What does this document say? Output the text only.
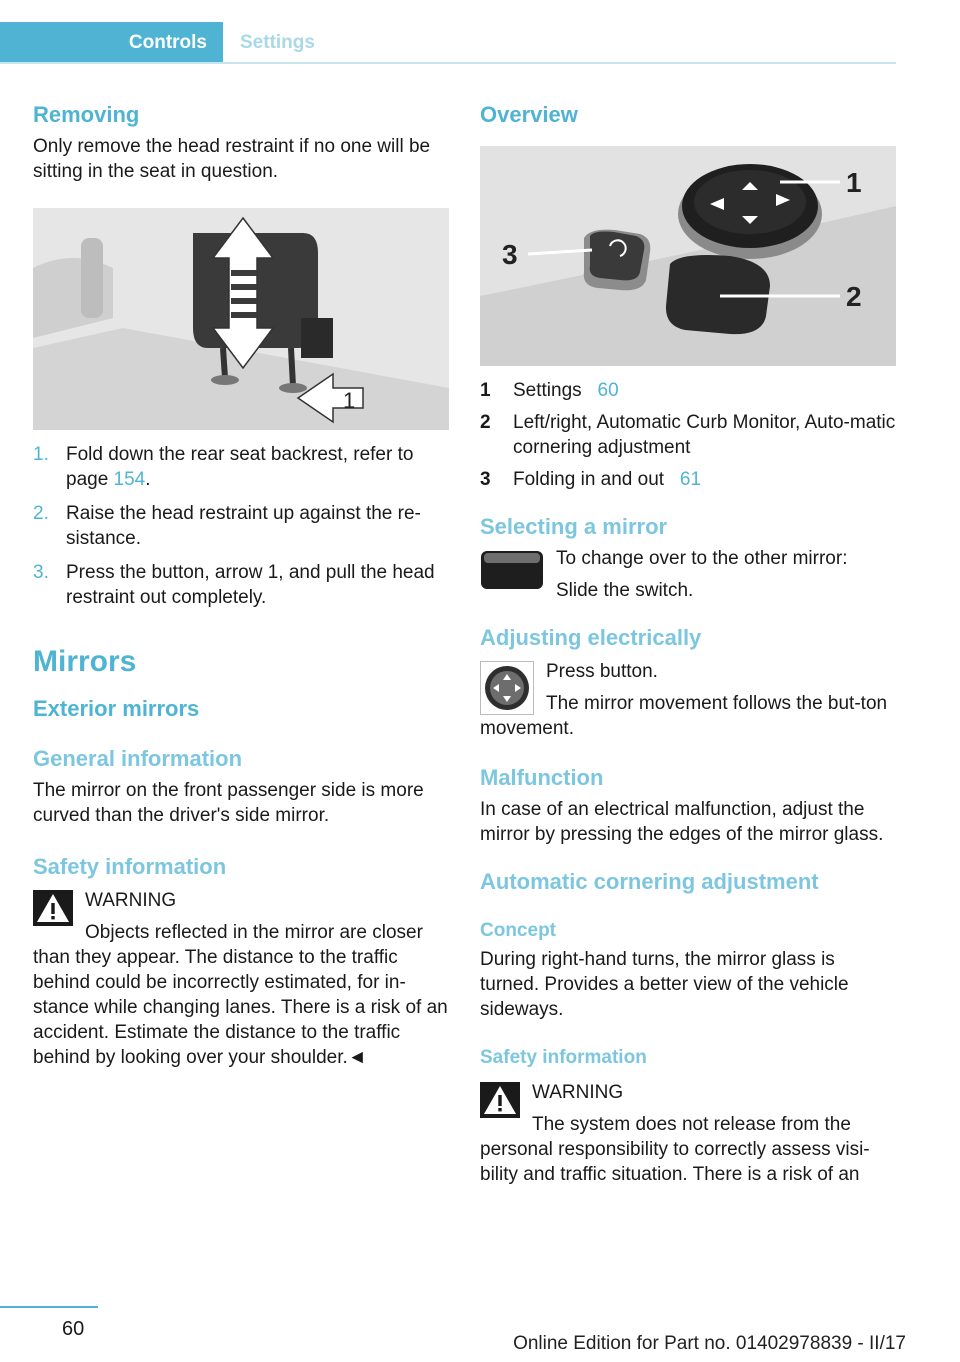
Controls	Settings
Removing

Only remove the head restraint if no one will be sitting in the seat in question.

1
1. Fold down the rear seat backrest, refer to page 154.
2. Raise the head restraint up against the re‐sistance.
3. Press the button, arrow 1, and pull the head restraint out completely.
Mirrors
Exterior mirrors
General information

The mirror on the front passenger side is more curved than the driver's side mirror.

Safety information

WARNING

Objects reflected in the mirror are closer than they appear. The distance to the traffic behind could be incorrectly estimated, for in‐stance while changing lanes. There is a risk of an accident. Estimate the distance to the traffic behind by looking over your shoulder.◄

Overview
1
2
3
1 Settings 60
2 Left/right, Automatic Curb Monitor, Auto‐matic cornering adjustment
3 Folding in and out 61
Selecting a mirror

To change over to the other mirror:

Slide the switch.

Adjusting electrically

Press button.

The mirror movement follows the but‐ton movement.

Malfunction

In case of an electrical malfunction, adjust the mirror by pressing the edges of the mirror glass.

Automatic cornering adjustment
Concept

During right-hand turns, the mirror glass is turned. Provides a better view of the vehicle sideways.

Safety information

WARNING

The system does not release from the personal responsibility to correctly assess visi‐bility and traffic situation. There is a risk of an

60
Online Edition for Part no. 01402978839 - II/17
